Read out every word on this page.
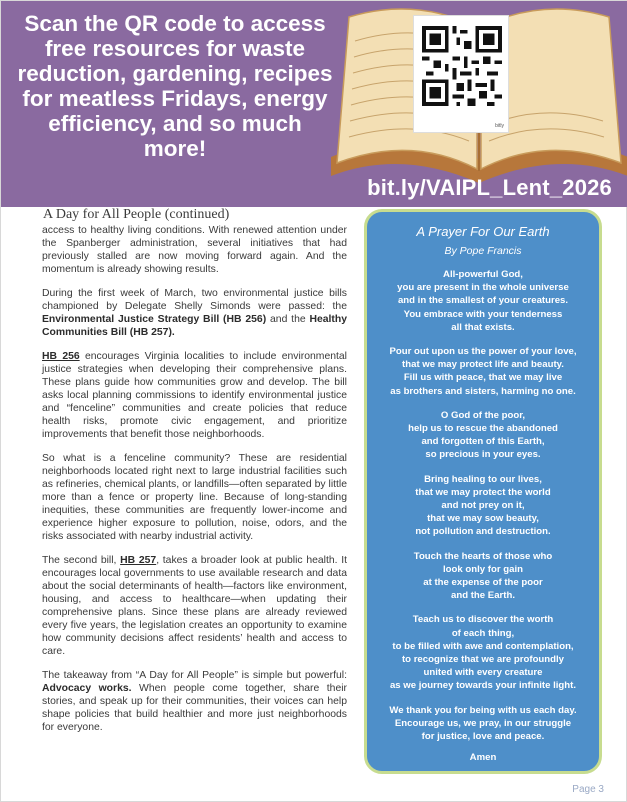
Scan the QR code to access free resources for waste reduction, gardening, recipes for meatless Fridays, energy efficiency, and so much more!
bitly
bit.ly/VAIPL_Lent_2026
A Day for All People (continued)

access to healthy living conditions. With renewed attention under the Spanberger administration, several initiatives that had previously stalled are now moving forward again. And the momentum is already showing results.

During the first week of March, two environmental justice bills championed by Delegate Shelly Simonds were passed: the Environmental Justice Strategy Bill (HB 256) and the Healthy Communities Bill (HB 257).

HB 256 encourages Virginia localities to include environmental justice strategies when developing their comprehensive plans. These plans guide how communities grow and develop. The bill asks local planning commissions to identify environmental justice and “fenceline” communities and create policies that reduce health risks, promote civic engagement, and prioritize improvements that benefit those neighborhoods.

So what is a fenceline community? These are residential neighborhoods located right next to large industrial facilities such as refineries, chemical plants, or landfills—often separated by little more than a fence or property line. Because of long-standing inequities, these communities are frequently lower-income and experience higher exposure to pollution, noise, odors, and the risks associated with nearby industrial activity.

The second bill, HB 257, takes a broader look at public health. It encourages local governments to use available research and data about the social determinants of health—factors like environment, housing, and access to healthcare—when updating their comprehensive plans. Since these plans are already reviewed every five years, the legislation creates an opportunity to examine how community decisions affect residents’ health and access to care.

The takeaway from “A Day for All People” is simple but powerful: Advocacy works. When people come together, share their stories, and speak up for their communities, their voices can help shape policies that build healthier and more just neighborhoods for everyone.

A Prayer For Our Earth
By Pope Francis
All-powerful God,
you are present in the whole universe
and in the smallest of your creatures.
You embrace with your tenderness
all that exists.
Pour out upon us the power of your love,
that we may protect life and beauty.
Fill us with peace, that we may live
as brothers and sisters, harming no one.
O God of the poor,
help us to rescue the abandoned
and forgotten of this Earth,
so precious in your eyes.
Bring healing to our lives,
that we may protect the world
and not prey on it,
that we may sow beauty,
not pollution and destruction.
Touch the hearts of those who
look only for gain
at the expense of the poor
and the Earth.
Teach us to discover the worth
of each thing,
to be filled with awe and contemplation,
to recognize that we are profoundly
united with every creature
as we journey towards your infinite light.
We thank you for being with us each day.
Encourage us, we pray, in our struggle
for justice, love and peace.
Amen
Page 3
